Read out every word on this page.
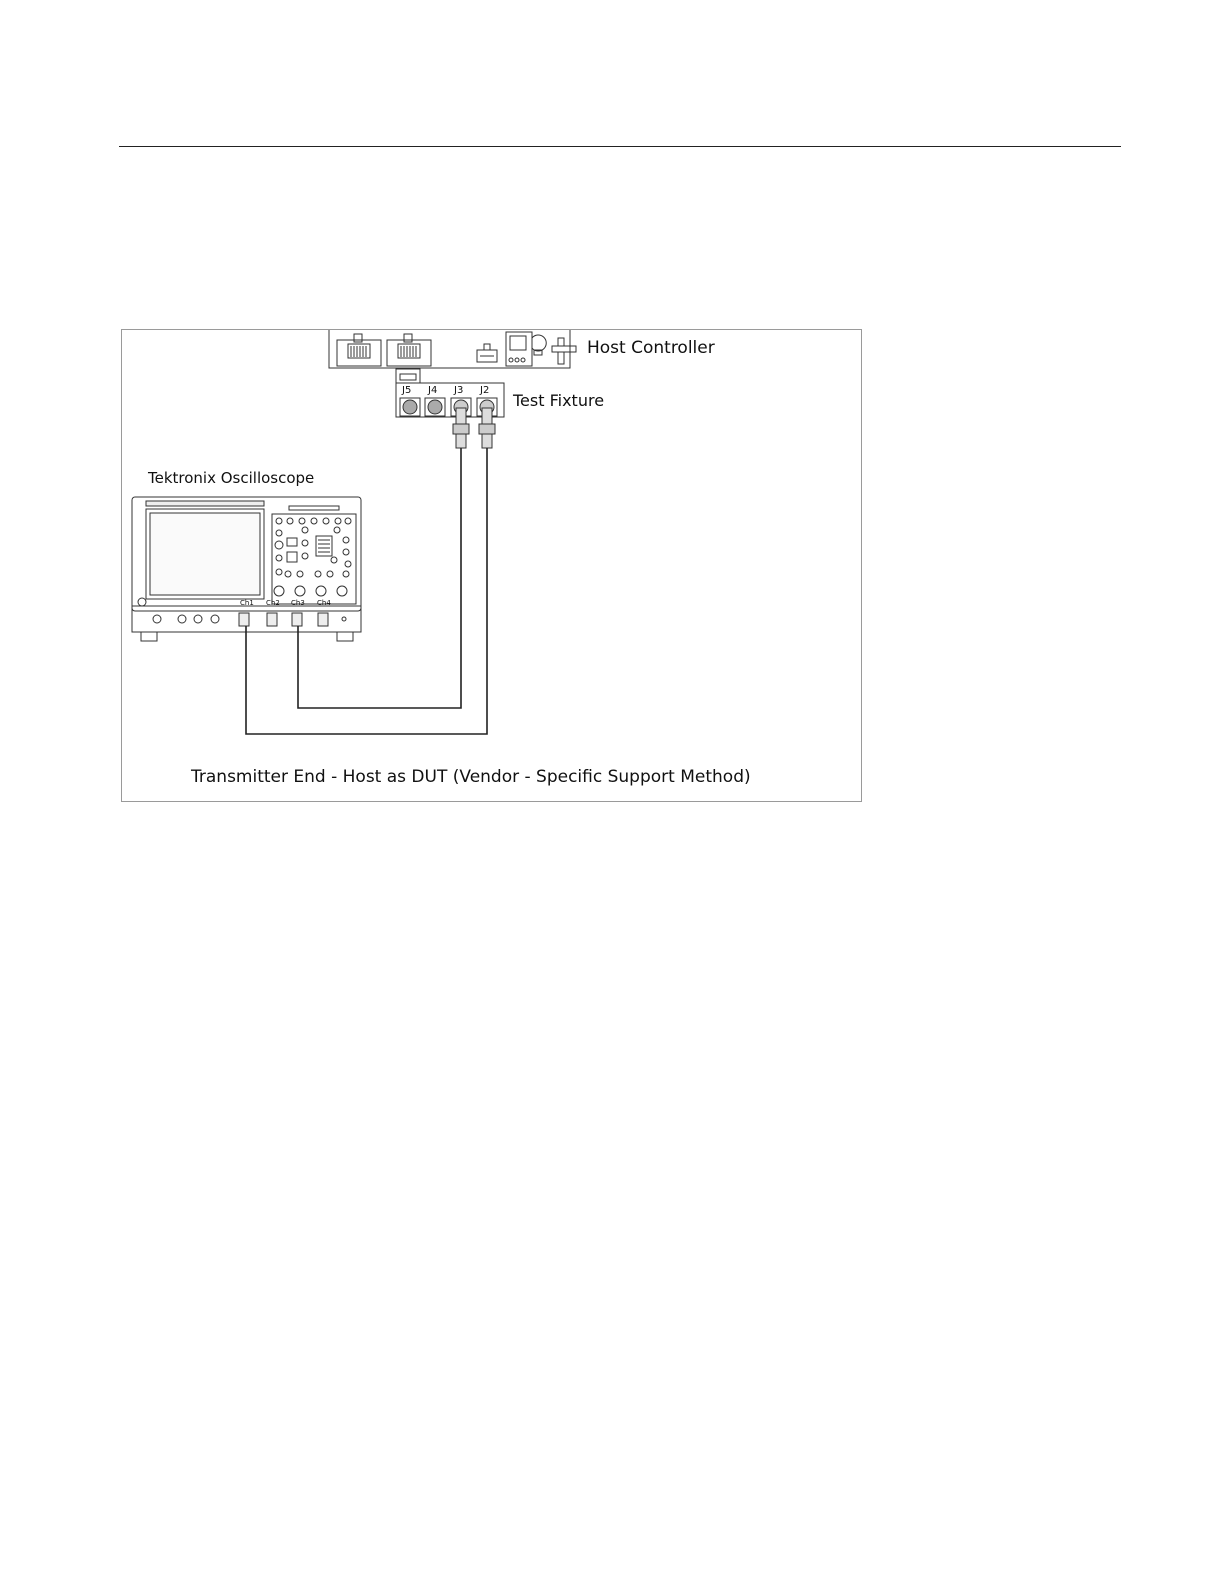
J5 J4 J3 J2
Ch1 Ch2 Ch3 Ch4
Host Controller
Test Fixture
Tektronix Oscilloscope
Transmitter End - Host as DUT (Vendor - Specific Support Method)
